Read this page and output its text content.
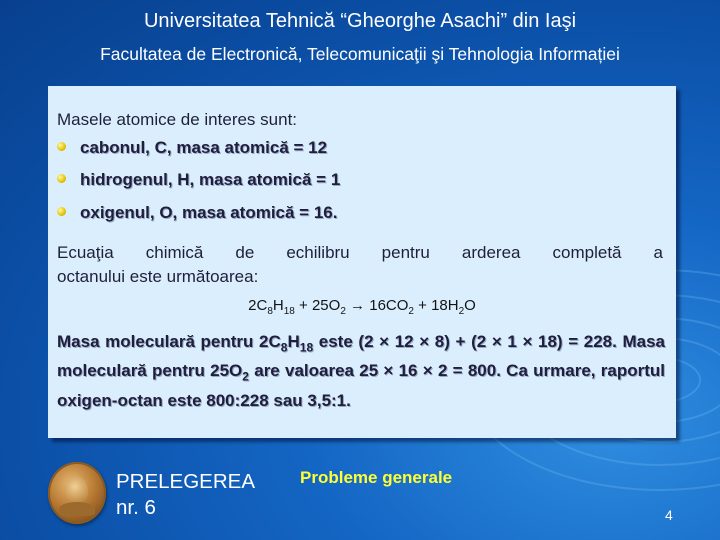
Universitatea Tehnică “Gheorghe Asachi” din Iaşi
Facultatea de Electronică, Telecomunicaţii şi Tehnologia Informației
Masele atomice de interes sunt:
cabonul, C, masa atomică = 12
hidrogenul, H, masa atomică = 1
oxigenul, O, masa atomică = 16.
Ecuaţia chimică de echilibru pentru arderea completă a
octanului este următoarea:
$2C_8H_{18} + 25O_2 \to 16CO_2 + 18H_2O$
Masa moleculară pentru $2C_8H_{18}$ este (2 × 12 × 8) + (2 × 1 × 18) = 228. Masa moleculară pentru $25O_2$ are valoarea 25 × 16 × 2 = 800. Ca urmare, raportul oxigen-octan este 800:228 sau 3,5:1.
PRELEGEREA
nr. 6
Probleme generale
4
